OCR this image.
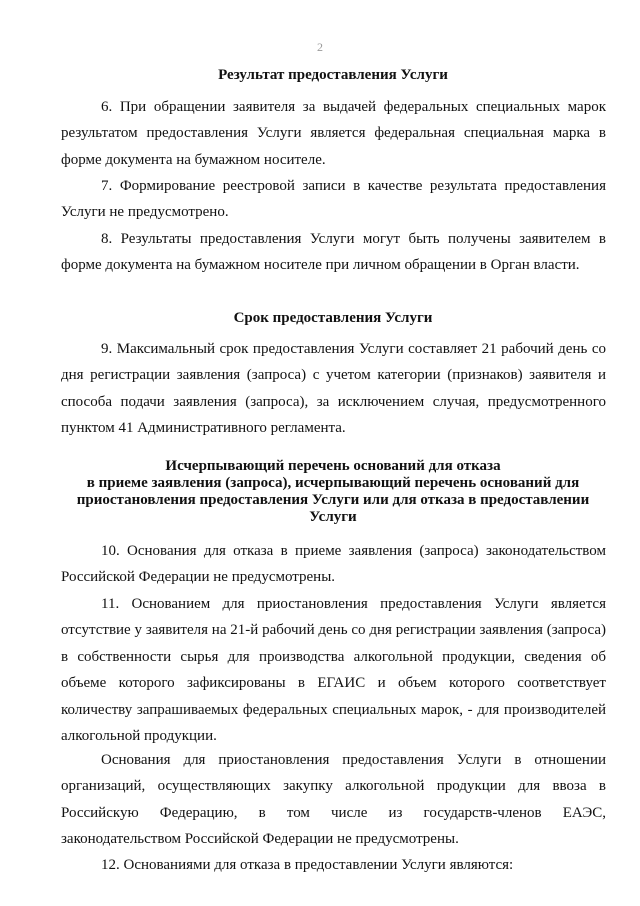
2
Результат предоставления Услуги
6. При обращении заявителя за выдачей федеральных специальных марок результатом предоставления Услуги является федеральная специальная марка в форме документа на бумажном носителе.
7. Формирование реестровой записи в качестве результата предоставления Услуги не предусмотрено.
8. Результаты предоставления Услуги могут быть получены заявителем в форме документа на бумажном носителе при личном обращении в Орган власти.
Срок предоставления Услуги
9. Максимальный срок предоставления Услуги составляет 21 рабочий день со дня регистрации заявления (запроса) с учетом категории (признаков) заявителя и способа подачи заявления (запроса), за исключением случая, предусмотренного пунктом 41 Административного регламента.
Исчерпывающий перечень оснований для отказа
в приеме заявления (запроса), исчерпывающий перечень оснований для
приостановления предоставления Услуги или для отказа в предоставлении
Услуги
10. Основания для отказа в приеме заявления (запроса) законодательством Российской Федерации не предусмотрены.
11. Основанием для приостановления предоставления Услуги является отсутствие у заявителя на 21-й рабочий день со дня регистрации заявления (запроса) в собственности сырья для производства алкогольной продукции, сведения об объеме которого зафиксированы в ЕГАИС и объем которого соответствует количеству запрашиваемых федеральных специальных марок, - для производителей алкогольной продукции.
Основания для приостановления предоставления Услуги в отношении организаций, осуществляющих закупку алкогольной продукции для ввоза в Российскую Федерацию, в том числе из государств-членов ЕАЭС, законодательством Российской Федерации не предусмотрены.
12. Основаниями для отказа в предоставлении Услуги являются:
